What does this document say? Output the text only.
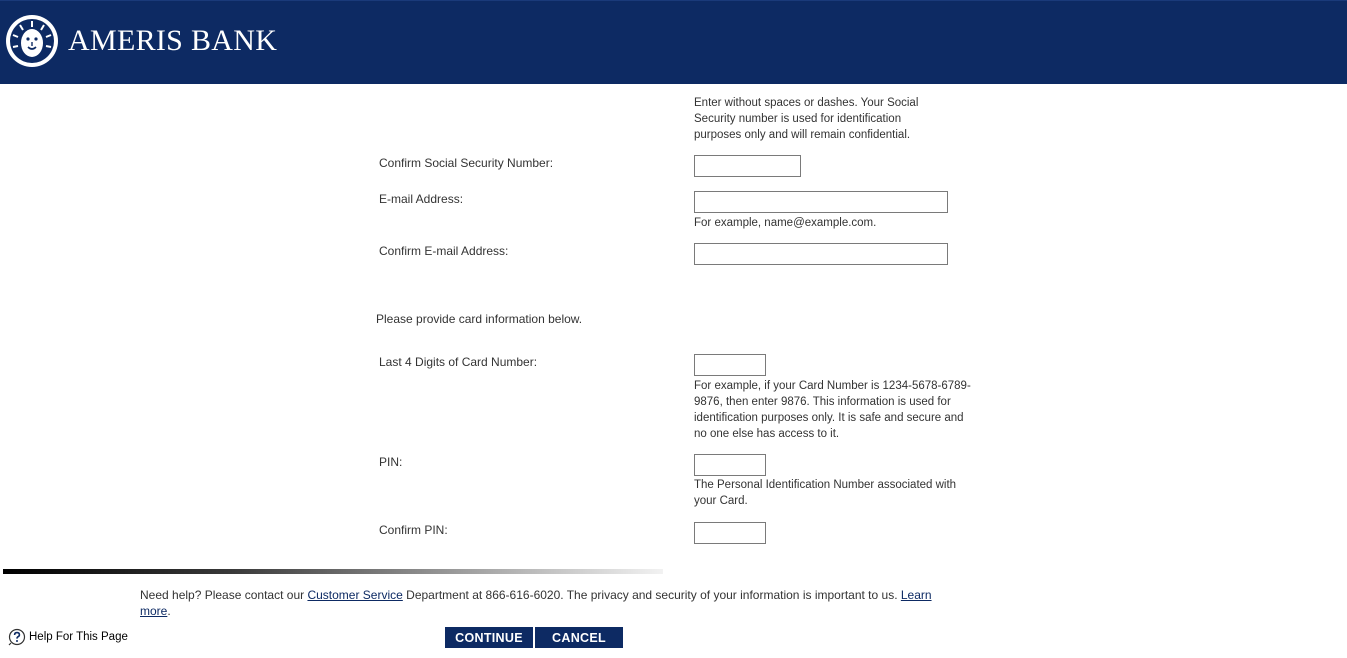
AMERIS BANK
Enter without spaces or dashes. Your Social Security number is used for identification purposes only and will remain confidential.
Confirm Social Security Number:
E-mail Address:
For example, name@example.com.
Confirm E-mail Address:
Please provide card information below.
Last 4 Digits of Card Number:
For example, if your Card Number is 1234-5678-6789-9876, then enter 9876. This information is used for identification purposes only. It is safe and secure and no one else has access to it.
PIN:
The Personal Identification Number associated with your Card.
Confirm PIN:
Need help? Please contact our Customer Service Department at 866-616-6020. The privacy and security of your information is important to us. Learn more.
Help For This Page	CONTINUE	CANCEL
